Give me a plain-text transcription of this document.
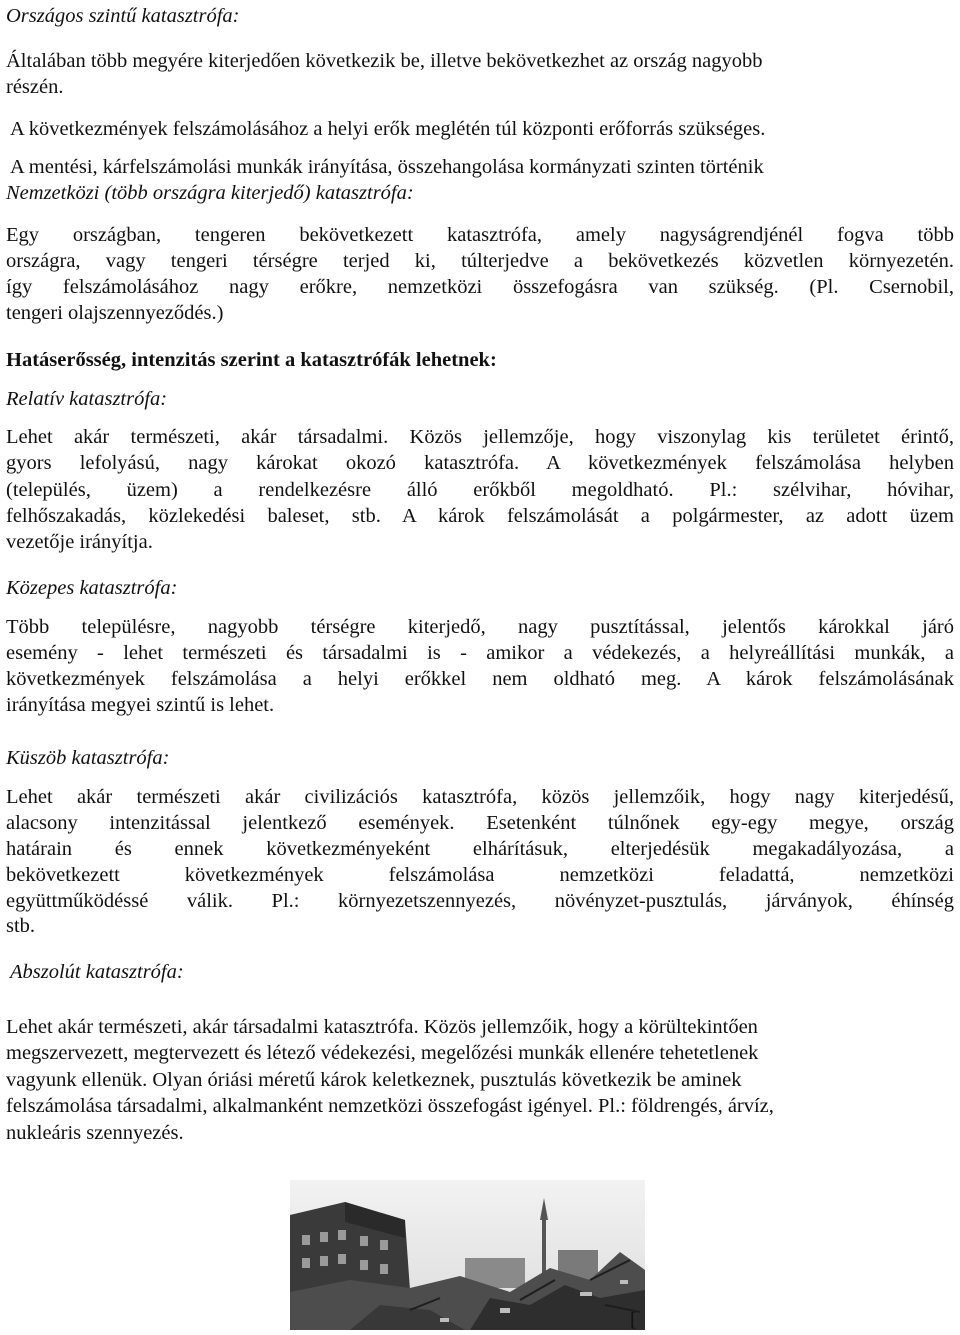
Országos szintű katasztrófa:
Általában több megyére kiterjedően következik be, illetve bekövetkezhet az ország nagyobb
részén.
A következmények felszámolásához a helyi erők meglétén túl központi erőforrás szükséges.
A mentési, kárfelszámolási munkák irányítása, összehangolása kormányzati szinten történik
Nemzetközi (több országra kiterjedő) katasztrófa:
Egy országban, tengeren bekövetkezett katasztrófa, amely nagyságrendjénél fogva több
országra, vagy tengeri térségre terjed ki, túlterjedve a bekövetkezés közvetlen környezetén.
így felszámolásához nagy erőkre, nemzetközi összefogásra van szükség. (Pl. Csernobil,
tengeri olajszennyeződés.)
Hatáserősség, intenzitás szerint a katasztrófák lehetnek:
Relatív katasztrófa:
Lehet akár természeti, akár társadalmi. Közös jellemzője, hogy viszonylag kis területet érintő,
gyors lefolyású, nagy károkat okozó katasztrófa. A következmények felszámolása helyben
(település, üzem) a rendelkezésre álló erőkből megoldható. Pl.: szélvihar, hóvihar,
felhőszakadás, közlekedési baleset, stb. A károk felszámolását a polgármester, az adott üzem
vezetője irányítja.
Közepes katasztrófa:
Több településre, nagyobb térségre kiterjedő, nagy pusztítással, jelentős károkkal járó
esemény - lehet természeti és társadalmi is - amikor a védekezés, a helyreállítási munkák, a
következmények felszámolása a helyi erőkkel nem oldható meg. A károk felszámolásának
irányítása megyei szintű is lehet.
Küszöb katasztrófa:
Lehet akár természeti akár civilizációs katasztrófa, közös jellemzőik, hogy nagy kiterjedésű,
alacsony intenzitással jelentkező események. Esetenként túlnőnek egy-egy megye, ország
határain és ennek következményeként elhárításuk, elterjedésük megakadályozása, a
bekövetkezett következmények felszámolása nemzetközi feladattá, nemzetközi
együttműködéssé válik. Pl.: környezetszennyezés, növényzet-pusztulás, járványok, éhínség
stb.
Abszolút katasztrófa:
Lehet akár természeti, akár társadalmi katasztrófa. Közös jellemzőik, hogy a körültekintően
megszervezett, megtervezett és létező védekezési, megelőzési munkák ellenére tehetetlenek
vagyunk ellenük. Olyan óriási méretű károk keletkeznek, pusztulás következik be aminek
felszámolása társadalmi, alkalmanként nemzetközi összefogást igényel. Pl.: földrengés, árvíz,
nukleáris szennyezés.
[
